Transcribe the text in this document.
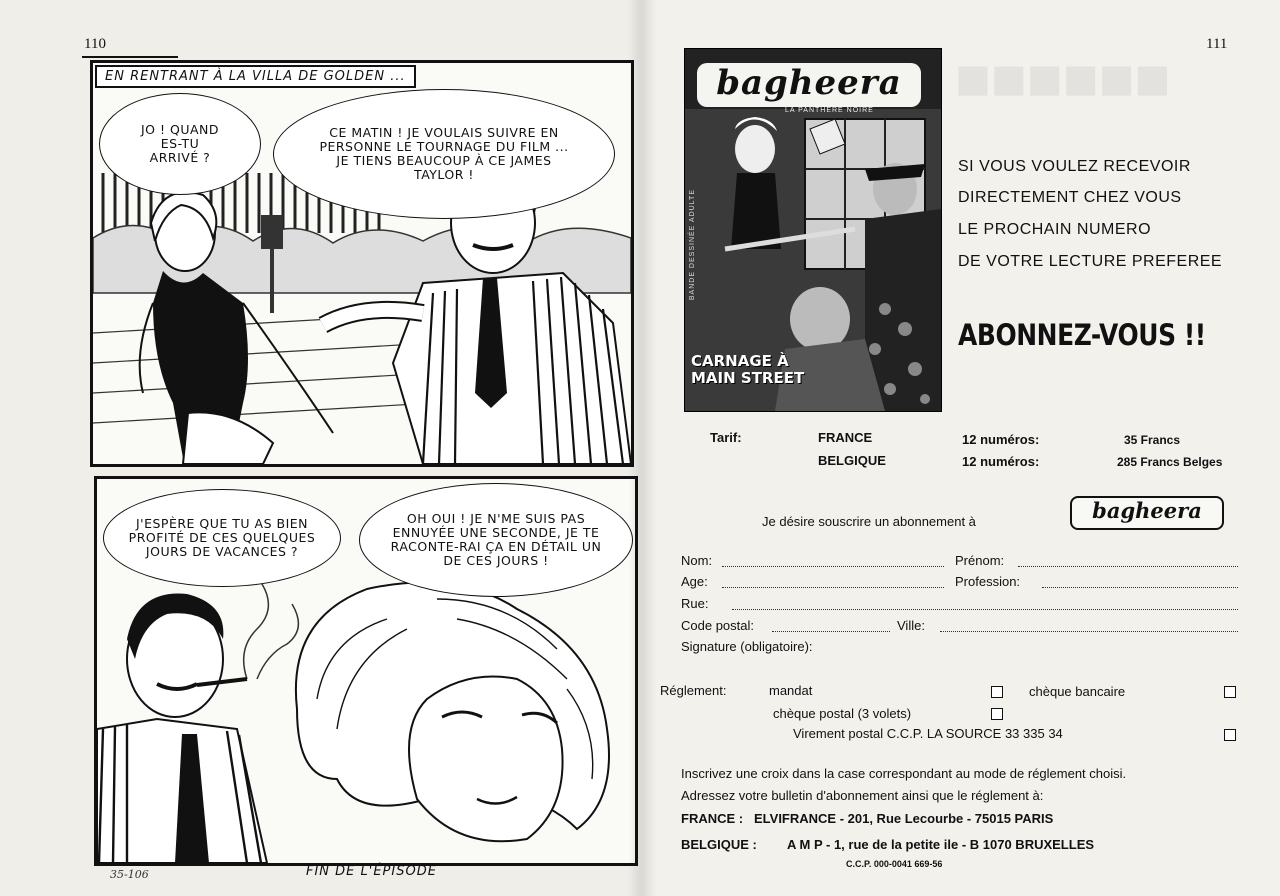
110
EN RENTRANT À LA VILLA DE GOLDEN ...
JO ! QUAND ES-TU ARRIVÉ ?
CE MATIN ! JE VOULAIS SUIVRE EN PERSONNE LE TOURNAGE DU FILM ... JE TIENS BEAUCOUP À CE JAMES TAYLOR !
J'ESPÈRE QUE TU AS BIEN PROFITÉ DE CES QUELQUES JOURS DE VACANCES ?
OH OUI ! JE N'ME SUIS PAS ENNUYÉE UNE SECONDE, JE TE RACONTE-RAI ÇA EN DÉTAIL UN DE CES JOURS !
35-106	FIN DE L'ÉPISODE
■■■■■■
111
bagheera
LA PANTHÈRE NOIRE
BANDE DESSINÉE ADULTE
CARNAGE À
MAIN STREET
SI VOUS VOULEZ RECEVOIR
DIRECTEMENT CHEZ VOUS
LE PROCHAIN NUMERO
DE VOTRE LECTURE PREFEREE
ABONNEZ-VOUS !!
Tarif:	FRANCE	12 numéros:	35 Francs
BELGIQUE	12 numéros:	285 Francs Belges
Je désire souscrire un abonnement à	bagheera
Nom:	Prénom:
Age:	Profession:
Rue:
Code postal:	Ville:
Signature (obligatoire):
Réglement:	mandat	chèque bancaire
chèque postal (3 volets)
Virement postal C.C.P. LA SOURCE 33 335 34
Inscrivez une croix dans la case correspondant au mode de réglement choisi.
Adressez votre bulletin d'abonnement ainsi que le réglement à:
FRANCE : ELVIFRANCE - 201, Rue Lecourbe - 75015 PARIS
BELGIQUE : A M P - 1, rue de la petite ile - B 1070 BRUXELLES
C.C.P. 000-0041 669-56
